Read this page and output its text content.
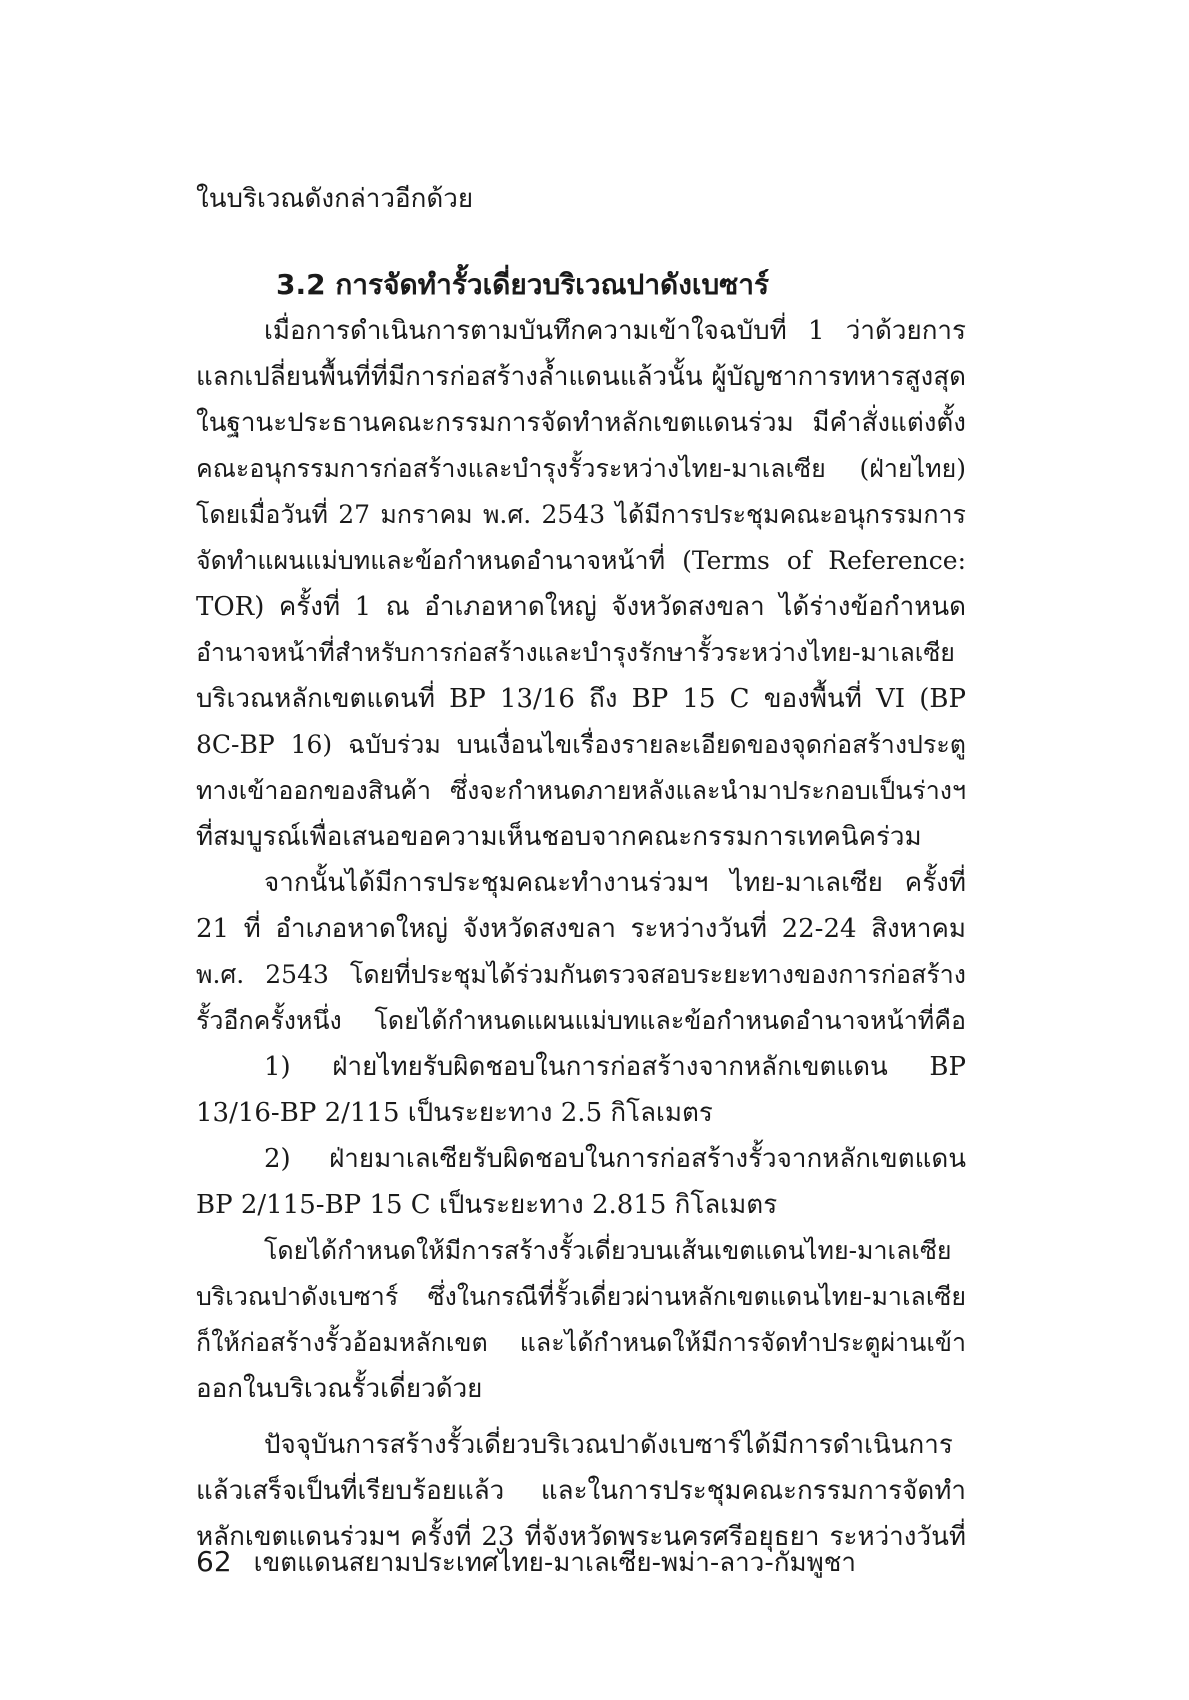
ในบริเวณดังกล่าวอีกด้วย
3.2 การจัดทำรั้วเดี่ยวบริเวณปาดังเบซาร์
เมื่อการดำเนินการตามบันทึกความเข้าใจฉบับที่ 1 ว่าด้วยการ
แลกเปลี่ยนพื้นที่ที่มีการก่อสร้างล้ำแดนแล้วนั้น ผู้บัญชาการทหารสูงสุด
ในฐานะประธานคณะกรรมการจัดทำหลักเขตแดนร่วม มีคำสั่งแต่งตั้ง
คณะอนุกรรมการก่อสร้างและบำรุงรั้วระหว่างไทย-มาเลเซีย (ฝ่ายไทย)
โดยเมื่อวันที่ 27 มกราคม พ.ศ. 2543 ได้มีการประชุมคณะอนุกรรมการ
จัดทำแผนแม่บทและข้อกำหนดอำนาจหน้าที่ (Terms of Reference:
TOR) ครั้งที่ 1 ณ อำเภอหาดใหญ่ จังหวัดสงขลา ได้ร่างข้อกำหนด
อำนาจหน้าที่สำหรับการก่อสร้างและบำรุงรักษารั้วระหว่างไทย-มาเลเซีย
บริเวณหลักเขตแดนที่ BP 13/16 ถึง BP 15 C ของพื้นที่ VI (BP
8C-BP 16) ฉบับร่วม บนเงื่อนไขเรื่องรายละเอียดของจุดก่อสร้างประตู
ทางเข้าออกของสินค้า ซึ่งจะกำหนดภายหลังและนำมาประกอบเป็นร่างฯ
ที่สมบูรณ์เพื่อเสนอขอความเห็นชอบจากคณะกรรมการเทคนิคร่วม
จากนั้นได้มีการประชุมคณะทำงานร่วมฯ ไทย-มาเลเซีย ครั้งที่
21 ที่ อำเภอหาดใหญ่ จังหวัดสงขลา ระหว่างวันที่ 22-24 สิงหาคม
พ.ศ. 2543 โดยที่ประชุมได้ร่วมกันตรวจสอบระยะทางของการก่อสร้าง
รั้วอีกครั้งหนึ่ง โดยได้กำหนดแผนแม่บทและข้อกำหนดอำนาจหน้าที่คือ
1) ฝ่ายไทยรับผิดชอบในการก่อสร้างจากหลักเขตแดน BP
13/16-BP 2/115 เป็นระยะทาง 2.5 กิโลเมตร
2) ฝ่ายมาเลเซียรับผิดชอบในการก่อสร้างรั้วจากหลักเขตแดน
BP 2/115-BP 15 C เป็นระยะทาง 2.815 กิโลเมตร
โดยได้กำหนดให้มีการสร้างรั้วเดี่ยวบนเส้นเขตแดนไทย-มาเลเซีย
บริเวณปาดังเบซาร์ ซึ่งในกรณีที่รั้วเดี่ยวผ่านหลักเขตแดนไทย-มาเลเซีย
ก็ให้ก่อสร้างรั้วอ้อมหลักเขต และได้กำหนดให้มีการจัดทำประตูผ่านเข้า
ออกในบริเวณรั้วเดี่ยวด้วย
ปัจจุบันการสร้างรั้วเดี่ยวบริเวณปาดังเบซาร์ได้มีการดำเนินการ
แล้วเสร็จเป็นที่เรียบร้อยแล้ว และในการประชุมคณะกรรมการจัดทำ
หลักเขตแดนร่วมฯ ครั้งที่ 23 ที่จังหวัดพระนครศรีอยุธยา ระหว่างวันที่
62 เขตแดนสยามประเทศไทย-มาเลเซีย-พม่า-ลาว-กัมพูชา
